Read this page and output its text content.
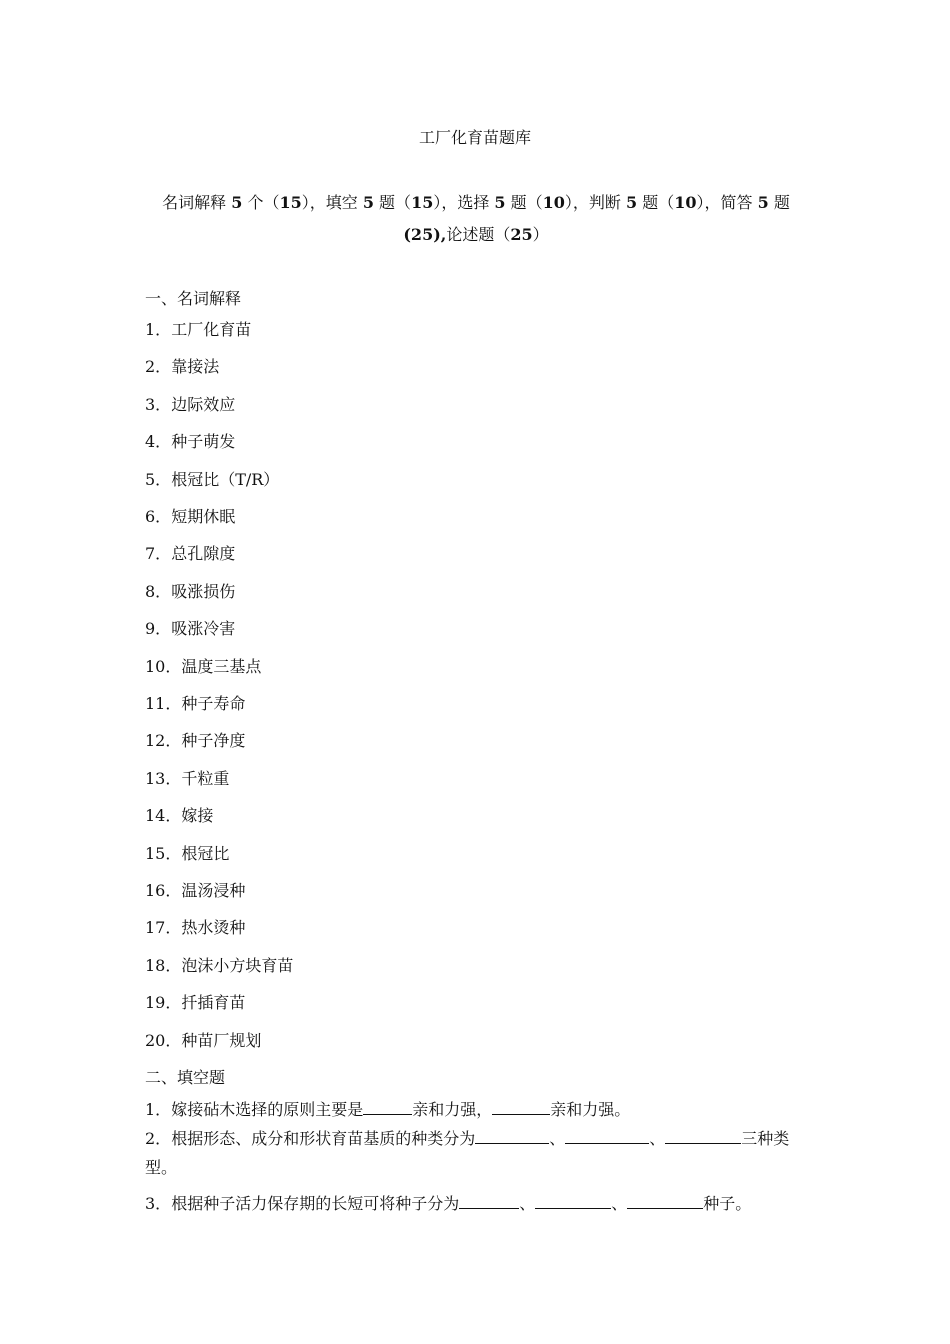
工厂化育苗题库
名词解释 5 个（15），填空 5 题（15），选择 5 题（10），判断 5 题（10），简答 5 题(25),论述题（25）
一、名词解释
1．工厂化育苗
2．靠接法
3．边际效应
4．种子萌发
5．根冠比（T/R）
6．短期休眠
7．总孔隙度
8．吸涨损伤
9．吸涨冷害
10．温度三基点
11．种子寿命
12．种子净度
13．千粒重
14．嫁接
15．根冠比
16．温汤浸种
17．热水烫种
18．泡沫小方块育苗
19．扦插育苗
20．种苗厂规划
二、填空题
1．嫁接砧木选择的原则主要是	亲和力强，	亲和力强。
2．根据形态、成分和形状育苗基质的种类分为	、	、	三种类型。
3．根据种子活力保存期的长短可将种子分为	、	、	种子。
